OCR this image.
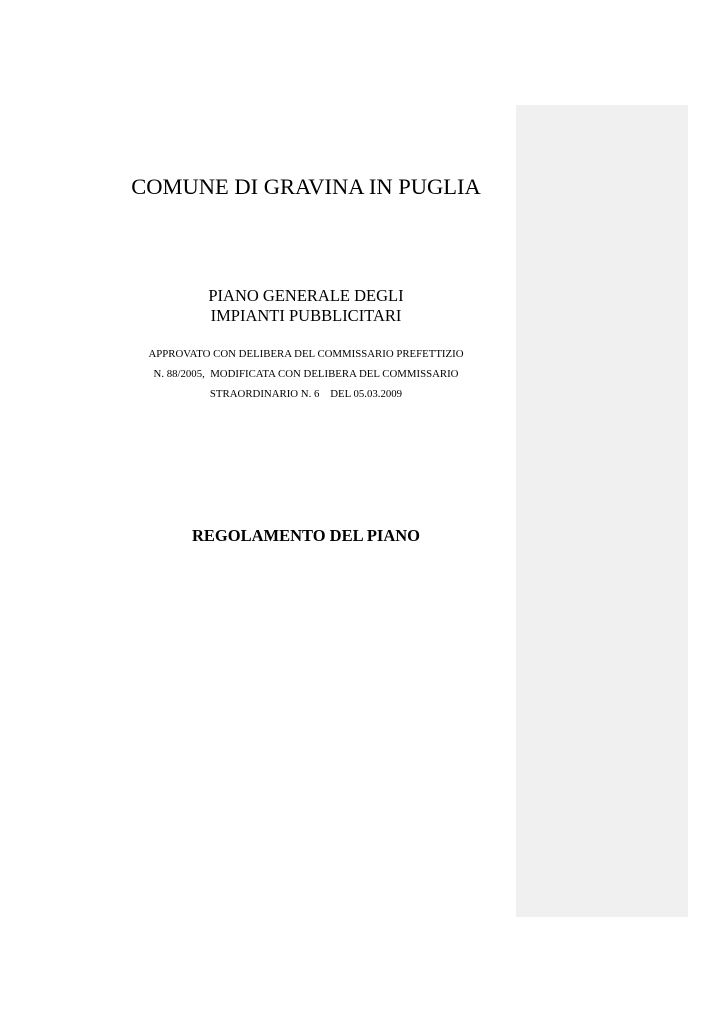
COMUNE DI GRAVINA IN PUGLIA
PIANO GENERALE DEGLI
IMPIANTI PUBBLICITARI
APPROVATO CON DELIBERA DEL COMMISSARIO PREFETTIZIO
N. 88/2005,  MODIFICATA CON DELIBERA DEL COMMISSARIO
STRAORDINARIO N. 6    DEL 05.03.2009
REGOLAMENTO DEL PIANO
